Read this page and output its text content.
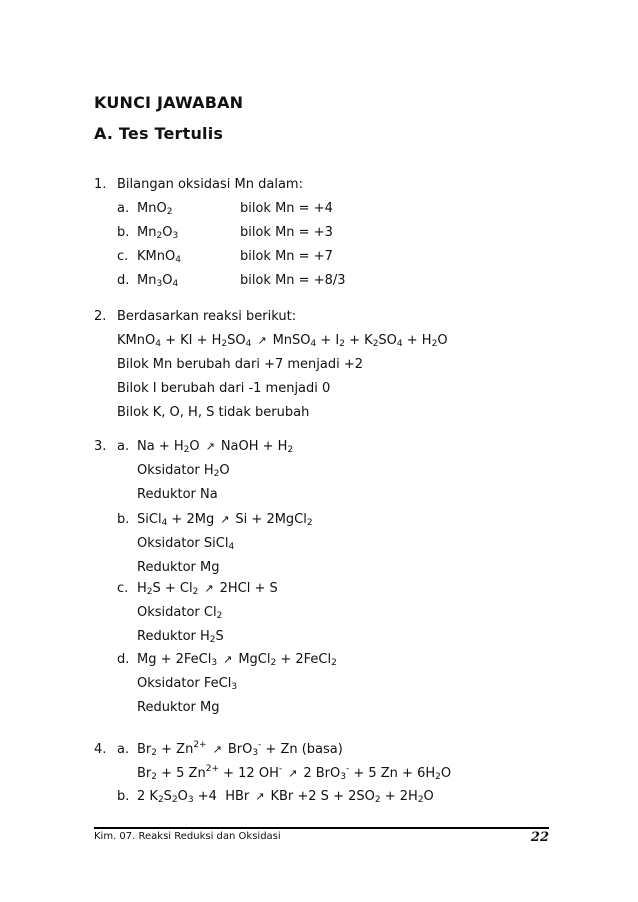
KUNCI JAWABAN
A. Tes Tertulis
1. Bilangan oksidasi Mn dalam:
a. MnO$_2$	bilok Mn = +4
b. $Mn_2O_3$	bilok Mn = +3
c. KMnO$_4$	bilok Mn = +7
d. $Mn_3O_4$	bilok Mn = +8/3
2. Berdasarkan reaksi berikut:
KMnO$_4$ + KI + $H_2SO_4$ ↗ MnSO$_4$ + $I_2 + K_2SO_4 + H_2O$
Bilok Mn berubah dari +7 menjadi +2
Bilok I berubah dari -1 menjadi 0
Bilok K, O, H, S tidak berubah
3. a. $Na + H_2O$ ↗ NaOH + $H_2$
Oksidator $H_2O$
Reduktor Na
b. SiCl$_4$ + 2Mg ↗ Si + 2MgCl$_2$
Oksidator SiCl$_4$
Reduktor Mg
c. $H_2S + Cl_2$ ↗ 2HCl + S
Oksidator $Cl_2$
Reduktor $H_2S$
d. Mg + 2FeCl$_3$ ↗ MgCl$_2$ + 2FeCl$_2$
Oksidator FeCl$_3$
Reduktor Mg
4. a. $Br_2 + Zn^{2+}$ ↗ BrO$_3$- + Zn (basa)
$Br_2 + 5$ $Zn^{2+} + 12$ OH- ↗ 2 BrO$_3$- + 5 $Zn + 6H_2O$
b. 2 $K_2S_2O_3 +4$  HBr ↗ KBr +2 $S + 2SO_2 + 2H_2O$
Kim. 07. Reaksi Reduksi dan Oksidasi	22
